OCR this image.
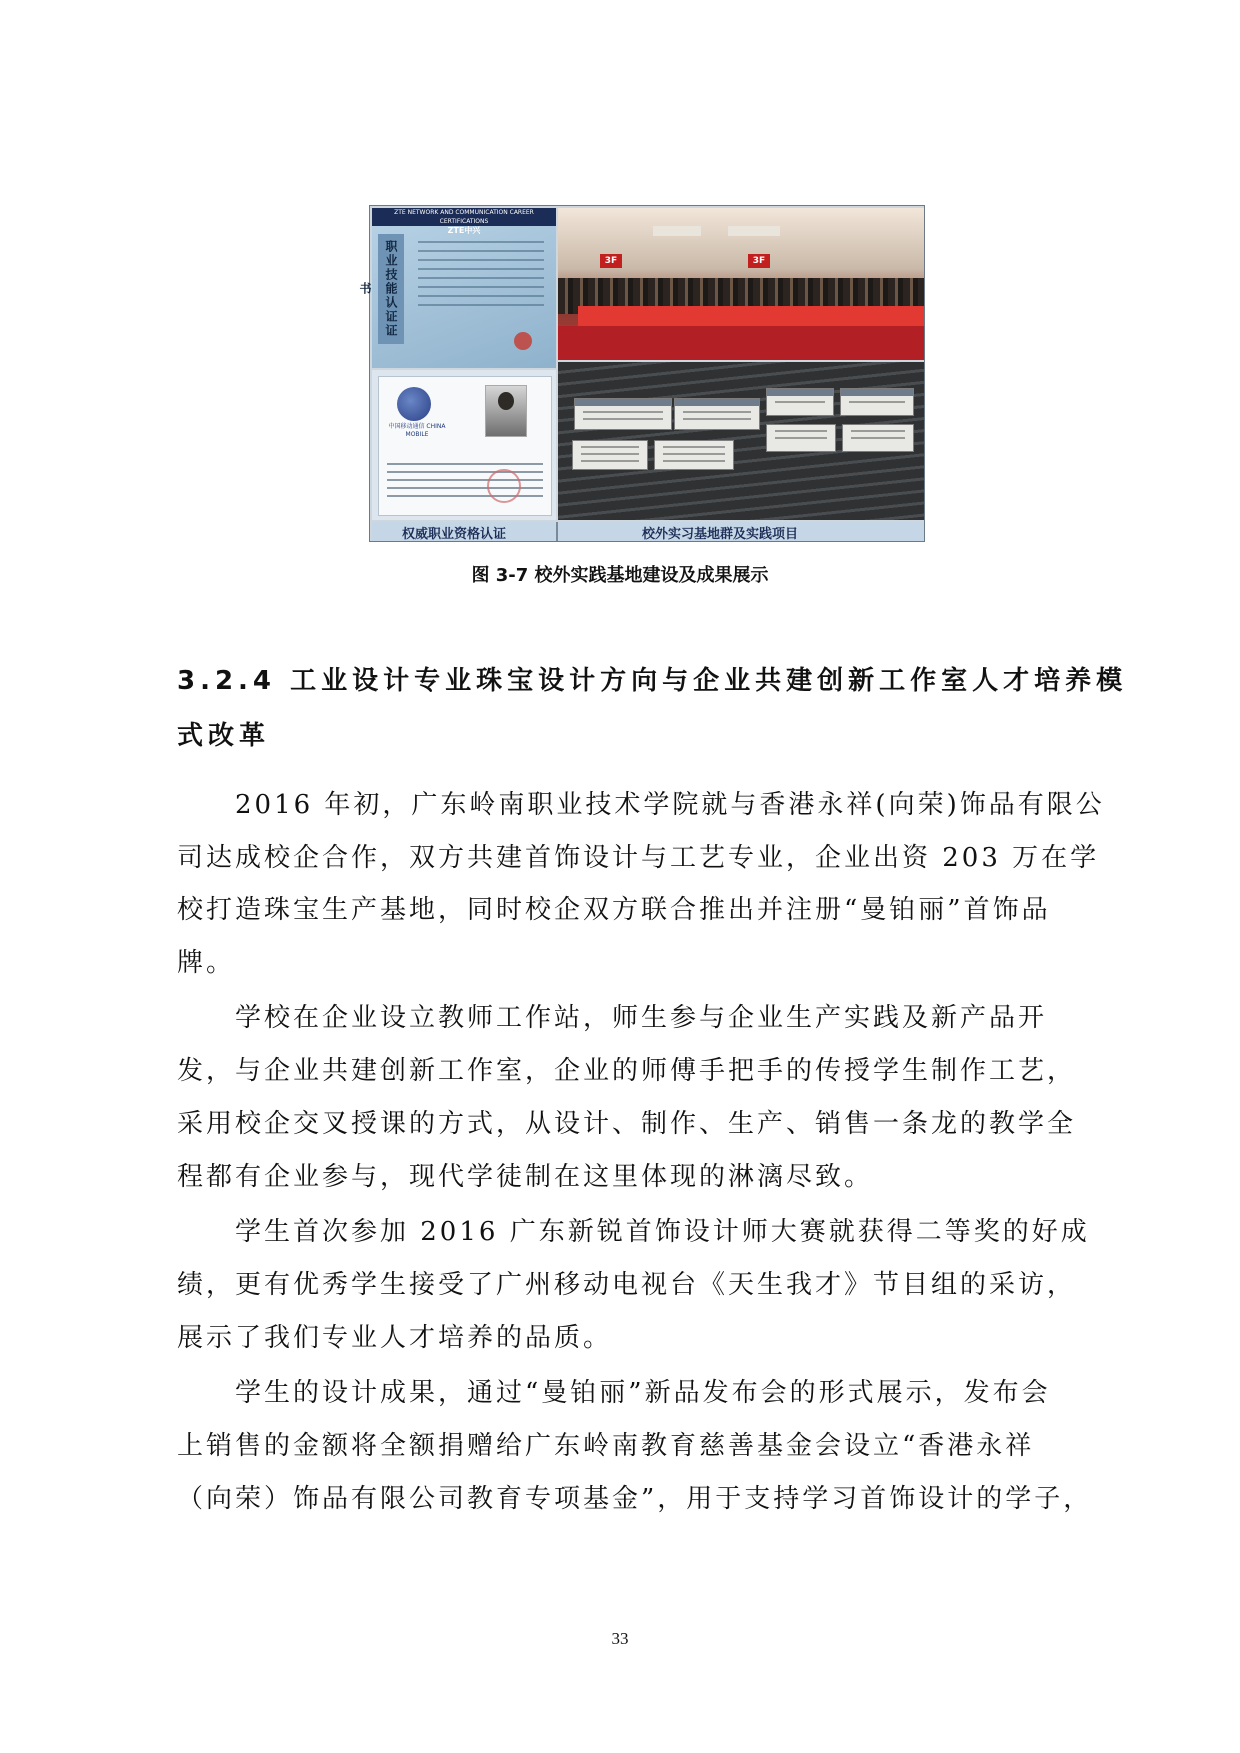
ZTE NETWORK AND COMMUNICATION CAREER CERTIFICATIONS
ZTE中兴
职业技能认证证书
中国移动通信 CHINA MOBILE
3F	3F
权威职业资格认证	校外实习基地群及实践项目
图 3-7 校外实践基地建设及成果展示
3.2.4 工业设计专业珠宝设计方向与企业共建创新工作室人才培养模
式改革
　　2016 年初，广东岭南职业技术学院就与香港永祥(向荣)饰品有限公
司达成校企合作，双方共建首饰设计与工艺专业，企业出资 203 万在学
校打造珠宝生产基地，同时校企双方联合推出并注册“曼铂丽”首饰品
牌。
　　学校在企业设立教师工作站，师生参与企业生产实践及新产品开
发，与企业共建创新工作室，企业的师傅手把手的传授学生制作工艺，
采用校企交叉授课的方式，从设计、制作、生产、销售一条龙的教学全
程都有企业参与，现代学徒制在这里体现的淋漓尽致。
　　学生首次参加 2016 广东新锐首饰设计师大赛就获得二等奖的好成
绩，更有优秀学生接受了广州移动电视台《天生我才》节目组的采访，
展示了我们专业人才培养的品质。
　　学生的设计成果，通过“曼铂丽”新品发布会的形式展示，发布会
上销售的金额将全额捐赠给广东岭南教育慈善基金会设立“香港永祥
（向荣）饰品有限公司教育专项基金”，用于支持学习首饰设计的学子，
33
